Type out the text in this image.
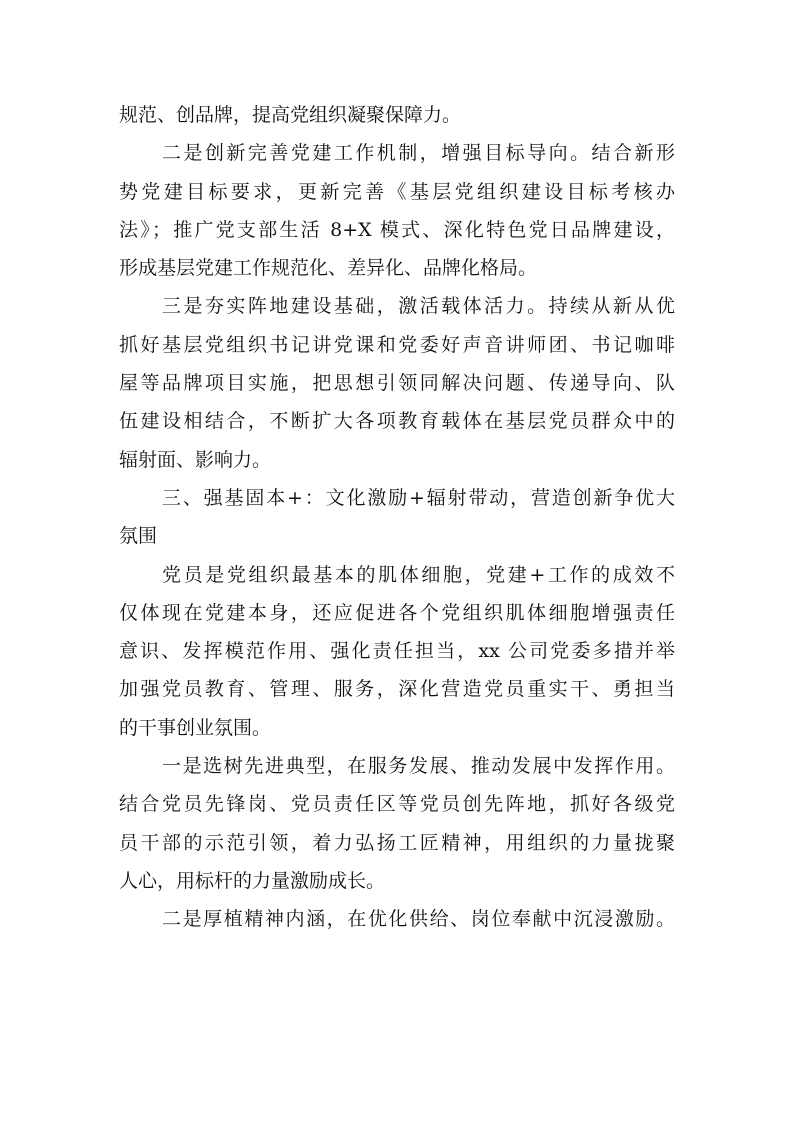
规范、创品牌，提高党组织凝聚保障力。
二是创新完善党建工作机制，增强目标导向。结合新形
势党建目标要求，更新完善《基层党组织建设目标考核办
法》；推广党支部生活 8+X 模式、深化特色党日品牌建设，
形成基层党建工作规范化、差异化、品牌化格局。
三是夯实阵地建设基础，激活载体活力。持续从新从优
抓好基层党组织书记讲党课和党委好声音讲师团、书记咖啡
屋等品牌项目实施，把思想引领同解决问题、传递导向、队
伍建设相结合，不断扩大各项教育载体在基层党员群众中的
辐射面、影响力。
三、强基固本+：文化激励+辐射带动，营造创新争优大
氛围
党员是党组织最基本的肌体细胞，党建+工作的成效不
仅体现在党建本身，还应促进各个党组织肌体细胞增强责任
意识、发挥模范作用、强化责任担当，xx 公司党委多措并举
加强党员教育、管理、服务，深化营造党员重实干、勇担当
的干事创业氛围。
一是选树先进典型，在服务发展、推动发展中发挥作用。
结合党员先锋岗、党员责任区等党员创先阵地，抓好各级党
员干部的示范引领，着力弘扬工匠精神，用组织的力量拢聚
人心，用标杆的力量激励成长。
二是厚植精神内涵，在优化供给、岗位奉献中沉浸激励。
